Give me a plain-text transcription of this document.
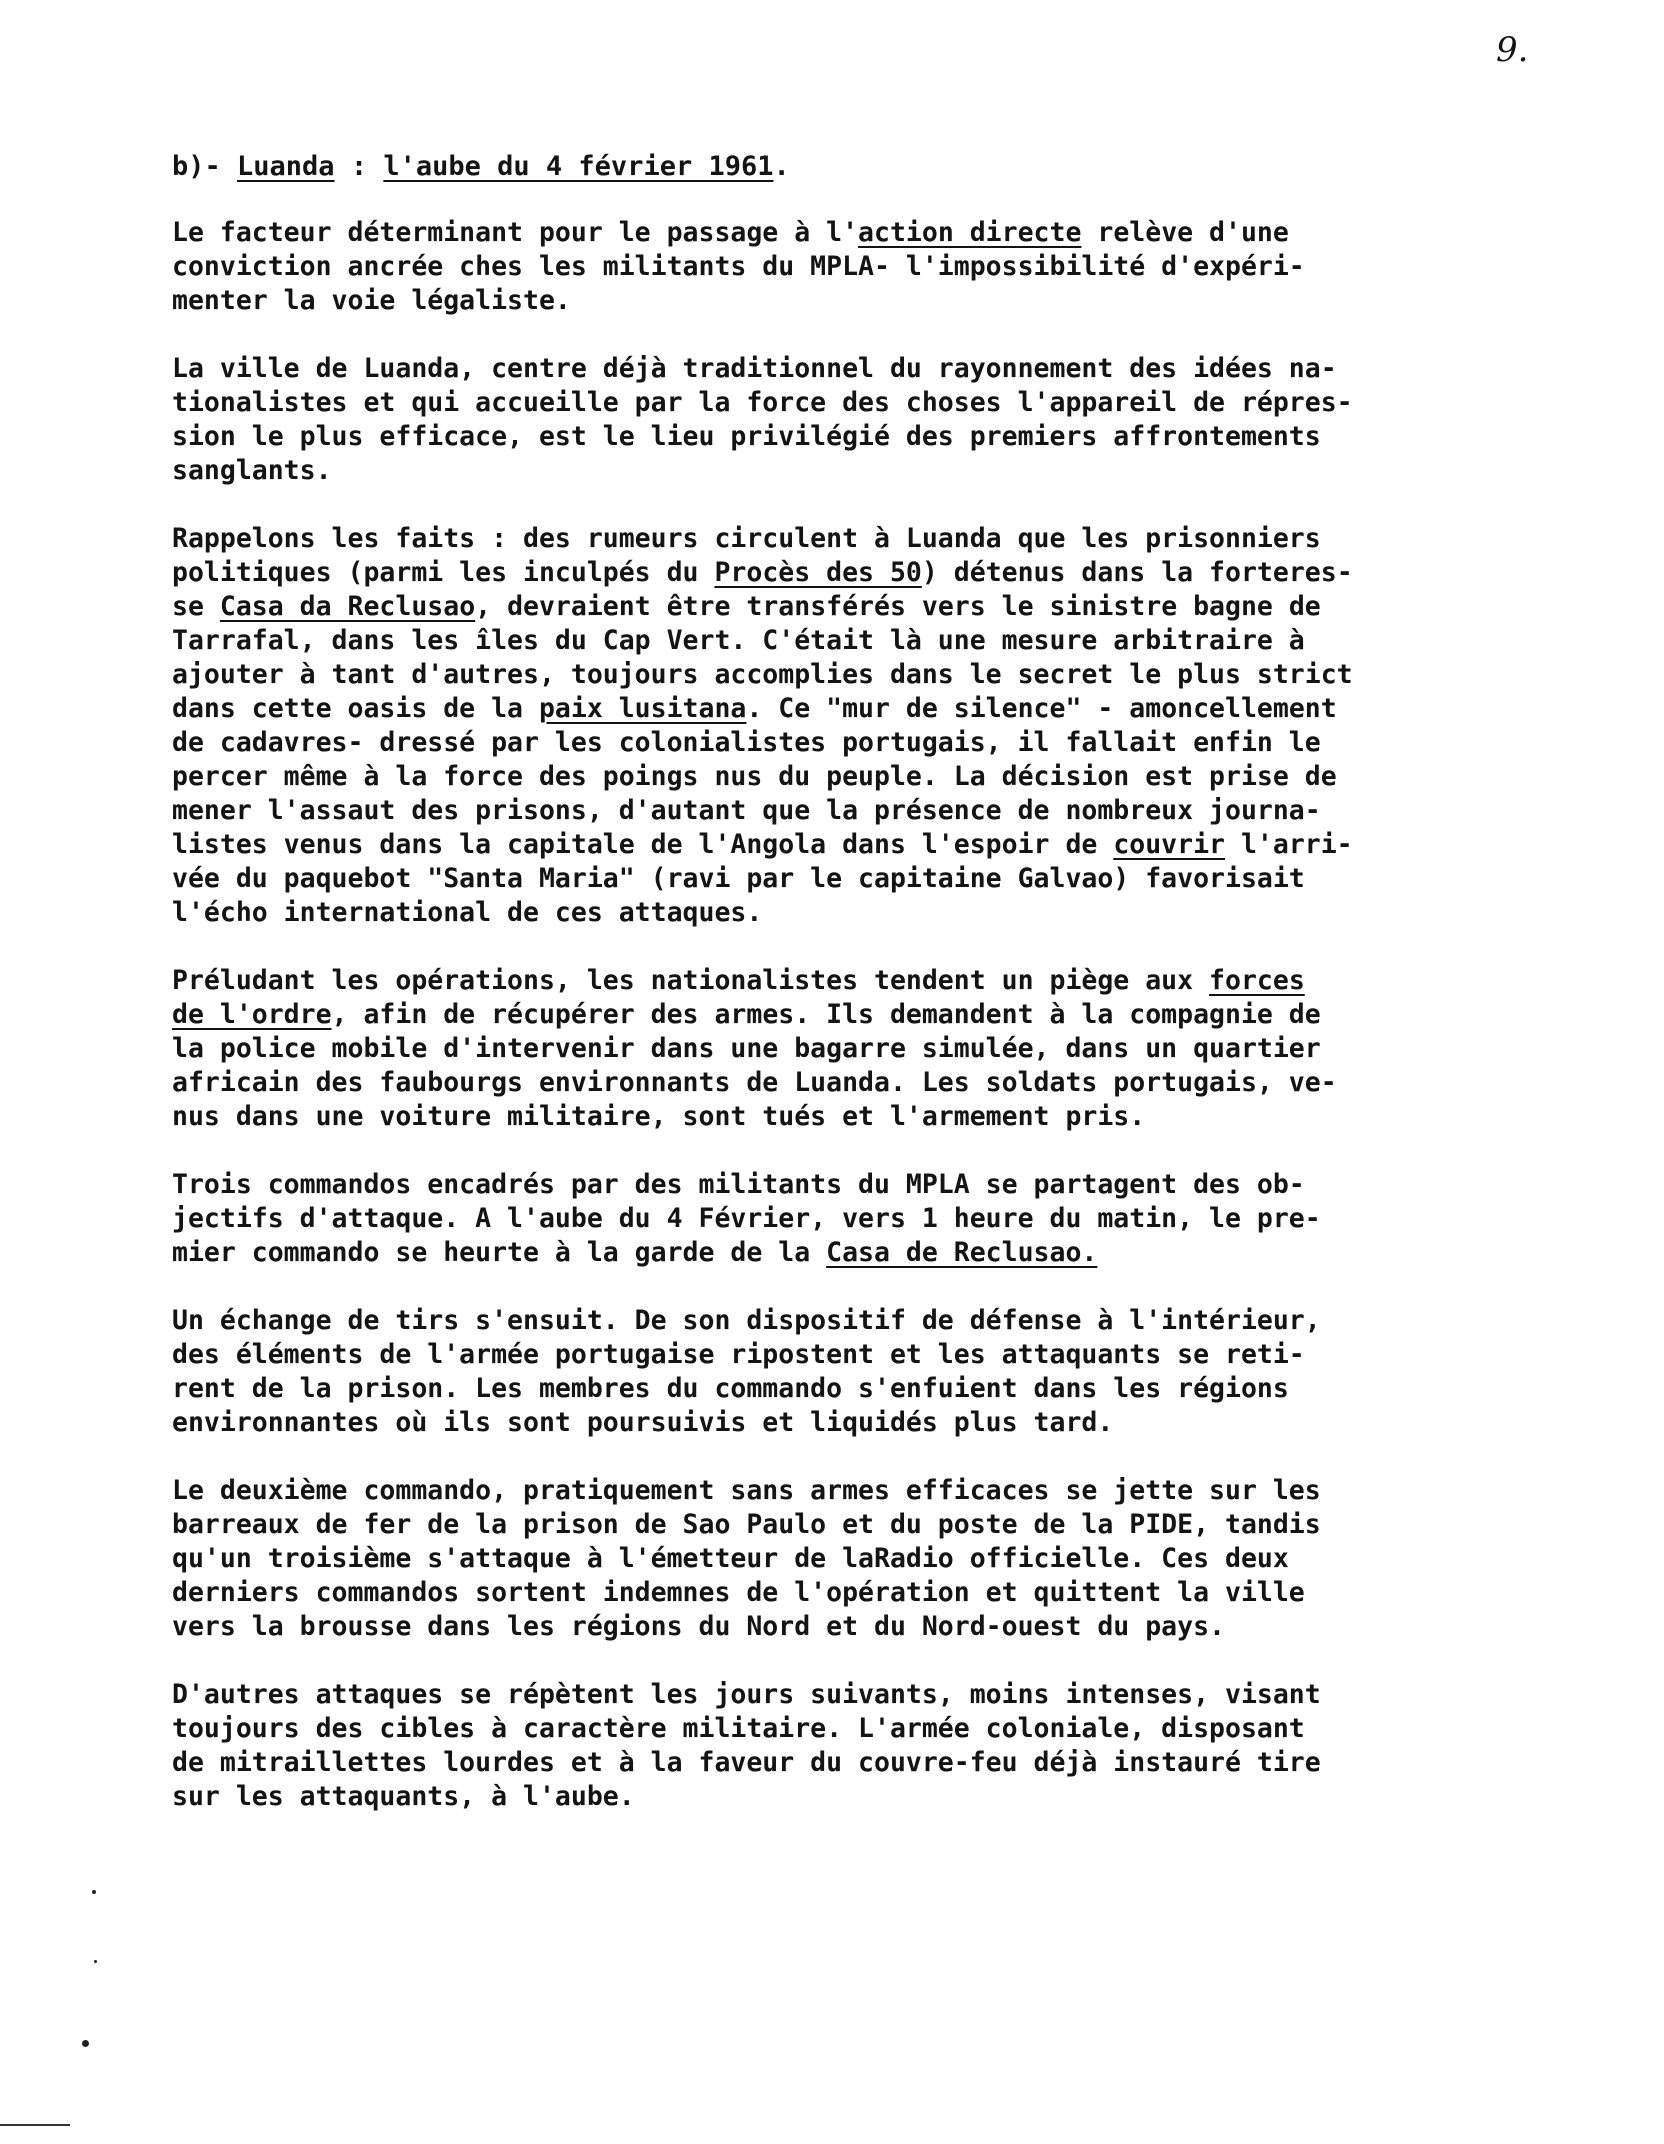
9.
b)- Luanda : l'aube du 4 février 1961.
Le facteur déterminant pour le passage à l'action directe relève d'une
conviction ancrée ches les militants du MPLA- l'impossibilité d'expéri-
menter la voie légaliste.
La ville de Luanda, centre déjà traditionnel du rayonnement des idées na-
tionalistes et qui accueille par la force des choses l'appareil de répres-
sion le plus efficace, est le lieu privilégié des premiers affrontements
sanglants.
Rappelons les faits : des rumeurs circulent à Luanda que les prisonniers
politiques (parmi les inculpés du Procès des 50) détenus dans la forteres-
se Casa da Reclusao, devraient être transférés vers le sinistre bagne de
Tarrafal, dans les îles du Cap Vert. C'était là une mesure arbitraire à
ajouter à tant d'autres, toujours accomplies dans le secret le plus strict
dans cette oasis de la paix lusitana. Ce "mur de silence" - amoncellement
de cadavres- dressé par les colonialistes portugais, il fallait enfin le
percer même à la force des poings nus du peuple. La décision est prise de
mener l'assaut des prisons, d'autant que la présence de nombreux journa-
listes venus dans la capitale de l'Angola dans l'espoir de couvrir l'arri-
vée du paquebot "Santa Maria" (ravi par le capitaine Galvao) favorisait
l'écho international de ces attaques.
Préludant les opérations, les nationalistes tendent un piège aux forces
de l'ordre, afin de récupérer des armes. Ils demandent à la compagnie de
la police mobile d'intervenir dans une bagarre simulée, dans un quartier
africain des faubourgs environnants de Luanda. Les soldats portugais, ve-
nus dans une voiture militaire, sont tués et l'armement pris.
Trois commandos encadrés par des militants du MPLA se partagent des ob-
jectifs d'attaque. A l'aube du 4 Février, vers 1 heure du matin, le pre-
mier commando se heurte à la garde de la Casa de Reclusao.
Un échange de tirs s'ensuit. De son dispositif de défense à l'intérieur,
des éléments de l'armée portugaise ripostent et les attaquants se reti-
rent de la prison. Les membres du commando s'enfuient dans les régions
environnantes où ils sont poursuivis et liquidés plus tard.
Le deuxième commando, pratiquement sans armes efficaces se jette sur les
barreaux de fer de la prison de Sao Paulo et du poste de la PIDE, tandis
qu'un troisième s'attaque à l'émetteur de laRadio officielle. Ces deux
derniers commandos sortent indemnes de l'opération et quittent la ville
vers la brousse dans les régions du Nord et du Nord-ouest du pays.
D'autres attaques se répètent les jours suivants, moins intenses, visant
toujours des cibles à caractère militaire. L'armée coloniale, disposant
de mitraillettes lourdes et à la faveur du couvre-feu déjà instauré tire
sur les attaquants, à l'aube.
